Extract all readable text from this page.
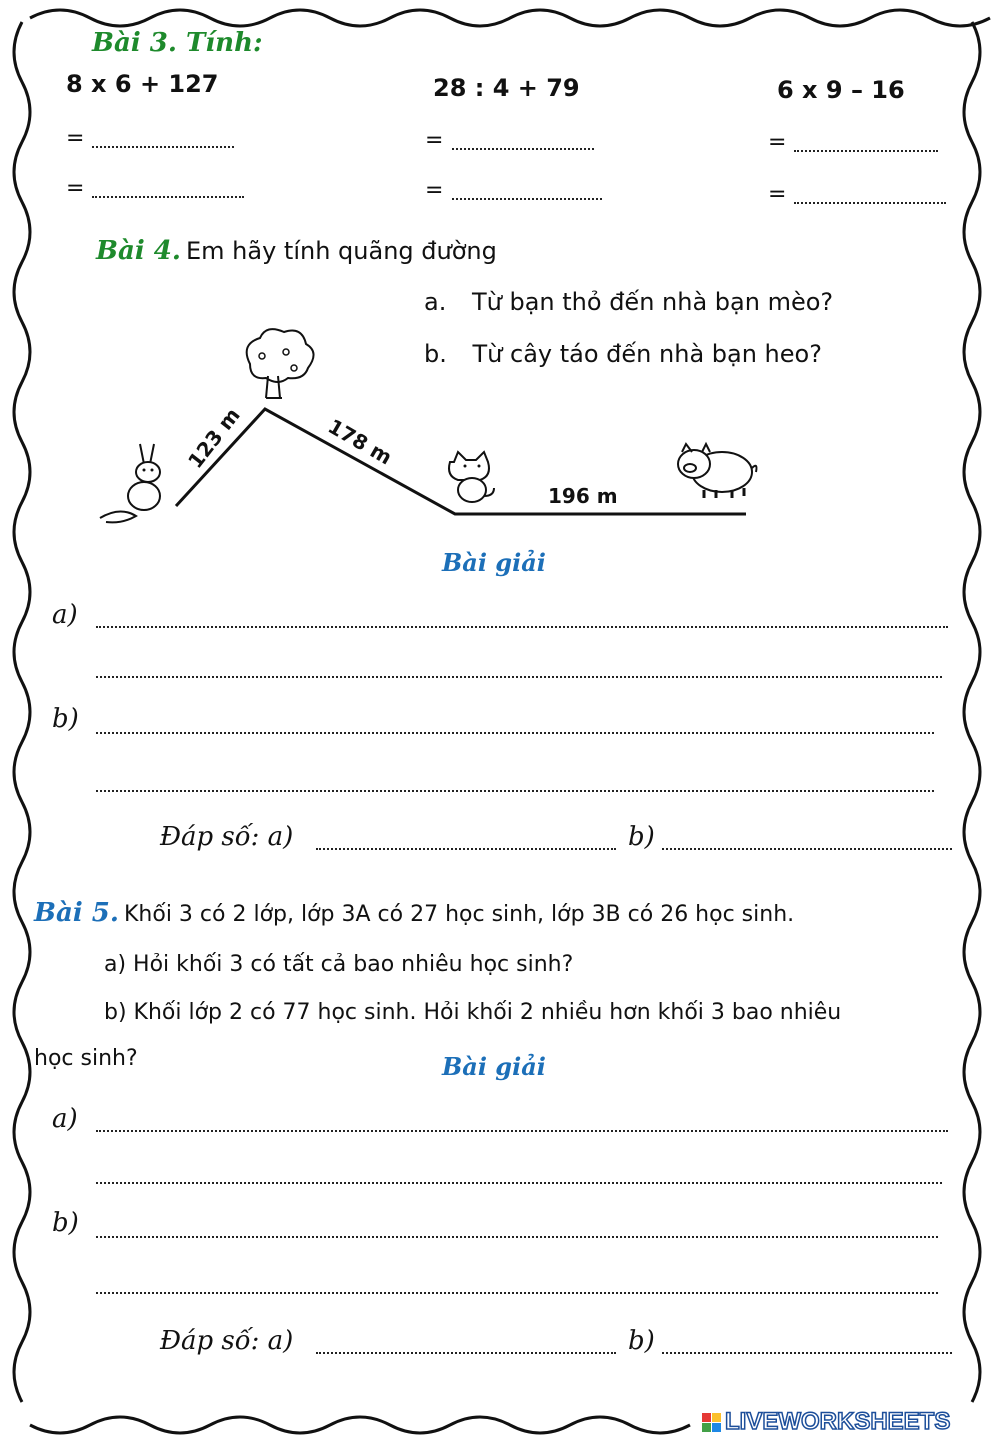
Bài 3. Tính:
8 x 6 + 127	28 : 4 + 79	6 x 9 – 16
=	=	=
=	=	=
Bài 4. Em hãy tính quãng đường
a. Từ bạn thỏ đến nhà bạn mèo?
b. Từ cây táo đến nhà bạn heo?
123 m	178 m
196 m
Bài giải
a)
b)
Đáp số: a)	b)
Bài 5. Khối 3 có 2 lớp, lớp 3A có 27 học sinh, lớp 3B có 26 học sinh.
a) Hỏi khối 3 có tất cả bao nhiêu học sinh?
b) Khối lớp 2 có 77 học sinh. Hỏi khối 2 nhiều hơn khối 3 bao nhiêu
học sinh?	Bài giải
a)
b)
Đáp số: a)	b)
LIVEWORKSHEETS
